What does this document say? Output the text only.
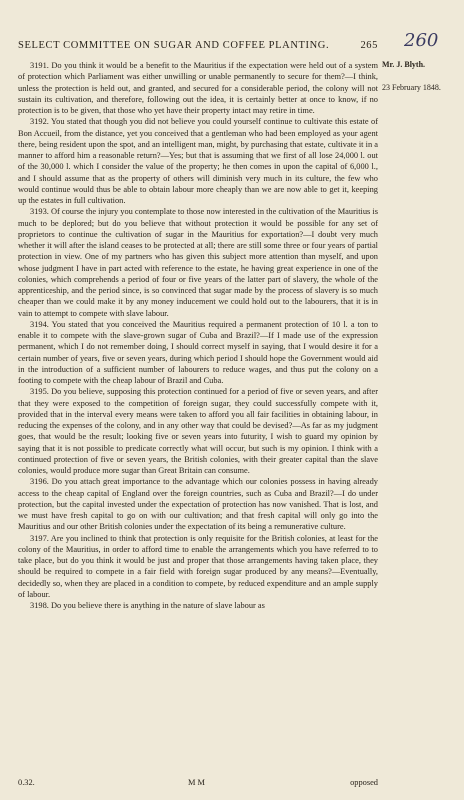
SELECT COMMITTEE ON SUGAR AND COFFEE PLANTING.	265 260
Mr. J. Blyth.
23 February 1848.

3191. Do you think it would be a benefit to the Mauritius if the expectation were held out of a system of protection which Parliament was either unwilling or unable permanently to secure for them?—I think, unless the protection is held out, and granted, and secured for a considerable period, the colony will not sustain its cultivation, and therefore, following out the idea, it is certainly better at once to know, if no protection is to be given, that those who yet have their property intact may retire in time.

3192. You stated that though you did not believe you could yourself continue to cultivate this estate of Bon Accueil, from the distance, yet you conceived that a gentleman who had been employed as your agent there, being resident upon the spot, and an intelligent man, might, by purchasing that estate, cultivate it in a manner to afford him a reasonable return?—Yes; but that is assuming that we first of all lose 24,000 l. out of the 30,000 l. which I consider the value of the property; he then comes in upon the capital of 6,000 l., and I should assume that as the property of others will diminish very much in its culture, the few who would continue would thus be able to obtain labour more cheaply than we are now able to get it, keeping up the estates in full cultivation.

3193. Of course the injury you contemplate to those now interested in the cultivation of the Mauritius is much to be deplored; but do you believe that without protection it would be possible for any set of proprietors to continue the cultivation of sugar in the Mauritius for exportation?—I doubt very much whether it will after the island ceases to be protected at all; there are still some three or four years of partial protection in view. One of my partners who has given this subject more attention than myself, and upon whose judgment I have in part acted with reference to the estate, he having great experience in one of the colonies, which comprehends a period of four or five years of the latter part of slavery, the whole of the apprenticeship, and the period since, is so convinced that sugar made by the process of slavery is so much cheaper than we could make it by any money inducement we could hold out to the labourers, that it is in vain to attempt to compete with slave labour.

3194. You stated that you conceived the Mauritius required a permanent protection of 10 l. a ton to enable it to compete with the slave-grown sugar of Cuba and Brazil?—If I made use of the expression permanent, which I do not remember doing, I should correct myself in saying, that I would desire it for a certain number of years, five or seven years, during which period I should hope the Government would aid in the introduction of a sufficient number of labourers to reduce wages, and thus put the colony on a footing to compete with the cheap labour of Brazil and Cuba.

3195. Do you believe, supposing this protection continued for a period of five or seven years, and after that they were exposed to the competition of foreign sugar, they could successfully compete with it, provided that in the interval every means were taken to afford you all fair facilities in obtaining labour, in reducing the expenses of the colony, and in any other way that could be devised?—As far as my judgment goes, that would be the result; looking five or seven years into futurity, I wish to guard my opinion by saying that it is not possible to predicate correctly what will occur, but such is my opinion. I think with a continued protection of five or seven years, the British colonies, with their greater capital than the slave colonies, would produce more sugar than Great Britain can consume.

3196. Do you attach great importance to the advantage which our colonies possess in having already access to the cheap capital of England over the foreign countries, such as Cuba and Brazil?—I do under protection, but the capital invested under the expectation of protection has now vanished. That is lost, and we must have fresh capital to go on with our cultivation; and that fresh capital will only go into the Mauritius and our other British colonies under the expectation of its being a remunerative culture.

3197. Are you inclined to think that protection is only requisite for the British colonies, at least for the colony of the Mauritius, in order to afford time to enable the arrangements which you have referred to to take place, but do you think it would be just and proper that those arrangements having taken place, they should be required to compete in a fair field with foreign sugar produced by any means?—Eventually, decidedly so, when they are placed in a condition to compete, by reduced expenditure and an ample supply of labour.

3198. Do you believe there is anything in the nature of slave labour as

0.32.	M M	opposed
